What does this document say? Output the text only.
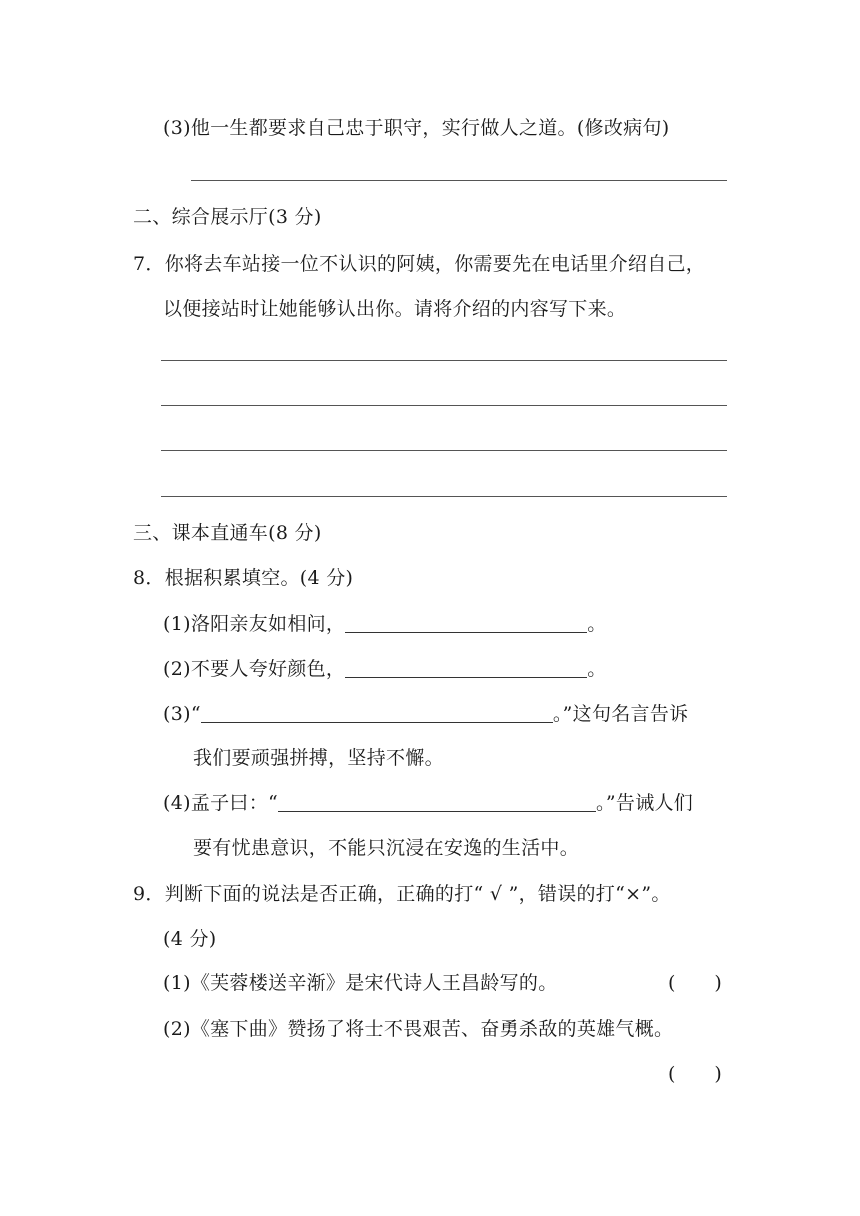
(3)他一生都要求自己忠于职守，实行做人之道。(修改病句)
二、综合展示厅(3 分)
7．你将去车站接一位不认识的阿姨，你需要先在电话里介绍自己，
以便接站时让她能够认出你。请将介绍的内容写下来。
三、课本直通车(8 分)
8．根据积累填空。(4 分)
(1)洛阳亲友如相问，	。
(2)不要人夸好颜色，	。
(3)“	。”这句名言告诉
我们要顽强拼搏，坚持不懈。
(4)孟子曰：“	。”告诫人们
要有忧患意识，不能只沉浸在安逸的生活中。
9．判断下面的说法是否正确，正确的打“ √ ”，错误的打“×”。
(4 分)
(1)《芙蓉楼送辛渐》是宋代诗人王昌龄写的。	(　　)
(2)《塞下曲》赞扬了将士不畏艰苦、奋勇杀敌的英雄气概。
(　　)
